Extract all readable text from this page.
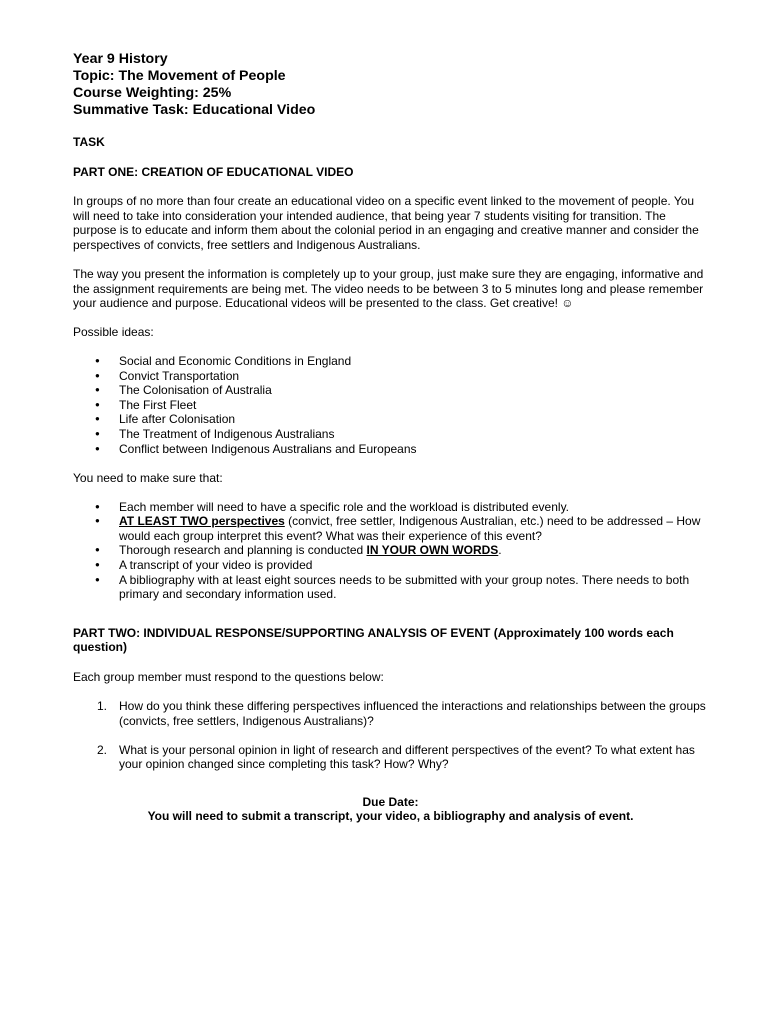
Year 9 History

Topic: The Movement of People

Course Weighting: 25%

Summative Task: Educational Video

TASK

PART ONE: CREATION OF EDUCATIONAL VIDEO

In groups of no more than four create an educational video on a specific event linked to the movement of people. You will need to take into consideration your intended audience, that being year 7 students visiting for transition. The purpose is to educate and inform them about the colonial period in an engaging and creative manner and consider the perspectives of convicts, free settlers and Indigenous Australians.

The way you present the information is completely up to your group, just make sure they are engaging, informative and the assignment requirements are being met. The video needs to be between 3 to 5 minutes long and please remember your audience and purpose. Educational videos will be presented to the class. Get creative! ☺

Possible ideas:

● Social and Economic Conditions in England
● Convict Transportation
● The Colonisation of Australia
● The First Fleet
● Life after Colonisation
● The Treatment of Indigenous Australians
● Conflict between Indigenous Australians and Europeans

You need to make sure that:

● Each member will need to have a specific role and the workload is distributed evenly.
● AT LEAST TWO perspectives (convict, free settler, Indigenous Australian, etc.) need to be addressed – How would each group interpret this event? What was their experience of this event?
● Thorough research and planning is conducted IN YOUR OWN WORDS.
● A transcript of your video is provided
● A bibliography with at least eight sources needs to be submitted with your group notes. There needs to both primary and secondary information used.

PART TWO: INDIVIDUAL RESPONSE/SUPPORTING ANALYSIS OF EVENT (Approximately 100 words each question)

Each group member must respond to the questions below:

1. How do you think these differing perspectives influenced the interactions and relationships between the groups (convicts, free settlers, Indigenous Australians)?
2. What is your personal opinion in light of research and different perspectives of the event? To what extent has your opinion changed since completing this task? How? Why?
Due Date:
You will need to submit a transcript, your video, a bibliography and analysis of event.
